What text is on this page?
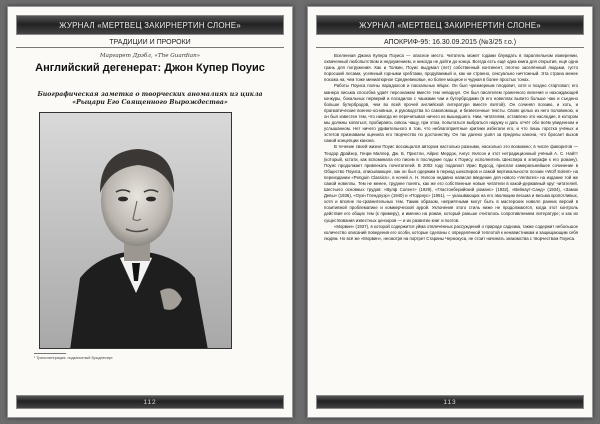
ЖУРНАЛ «МЕРТВЕЦ ЗАКИРНЕРТИН СЛОНЕ»
ТРАДИЦИИ И ПРОРОКИ
Маргарет Дрэбл, «The Guardian»
Английский дегенерат: Джон Купер Поуис
Биографическая заметка о творческих аномалиях из цикла «Рыцари Его Священного Вырождества»
¹ Транслитерация: подкапотный брыдлесирт.
112
ЖУРНАЛ «МЕРТВЕЦ ЗАКИРНЕРТИН СЛОНЕ»
АПОКРИФ-95: 16.30.09.2015 (№3/25 г.о.)

Вселенная Джона Купера Поуиса — опасное место. Читатель может годами блуждать в параллельном измерении, охваченный любопытством и недоумением, и никогда не дойти до конца. Всегда есть ещё одна книга для открытия, ещё одна грань для погружения. Как и Толкин, Поуис выдумал (лет) собственный континент, плотно заселённый людьми, густо поросший лесами, усеянный горными хребтами, продуваемый и, как ни странно, сексуально ничтожный. Эта страна менее похожа на, чем тоже миниатюрное Средневековье, но более мощное и чудная в более простых тонах.

Работы Поуиса полны парадоксов и пасхальных яйцах. Он был чрезмерным плодовит, хотя и поздно стартовал; его манера письма способна удаёт персонажем вместе тем неводнул. Он был писателем граничного величия и нахождающей конкуры, бокальных перверий и посадилок с чашками чаи и бутербродами (в его новеллах выпито больше чаю и съедено больше бутербродов, чем во всей прочей английской литературе вместе взятой). Он сочинял поэзию, и хоть, и прагматические военно-основные, и руководства по самопомощи, и безвесенные тексты. Свояк целых из него половиною, и он был известен тем, что никогда не перечитывал ничего из вышедшего. Ним, читателям, оставлено это наследие, в котором мы должны копаться, пробираясь сквозь чащу, при этом, попытаться выбраться наружу и дать отчёт обо всём увиденном и услышанном. Нет ничего удивительного в том, что неблагоприятные критики избегали его, и что лишь горстка учёных и эстетов признаваем оценила его творчество по достоинству. Он так далеко ушёл за пределы канона, что бросает вызов самой концепции канона.

В течение своей жизни Поуис восхищался автором настолько разными, насколько это возможно; в числе фаворитов — Теодор Драйзер, Генри Миллер, Дж. Б. Пристли, Айрис Мердок, Ангус Уилсон и этот нетрадиционный учёный А. С. Найтт (который, кстати, как вспоминала его писем в последние годы к Поуису, исполнитель Шекспира в эпиграфе к его роману). Поуис продолжает привлекать почитателей. В 2002 году подалиот Ирис Вудсод, прислал камеральнейшее сочинение в Общество Поуиса, описывающее, как он был одержим в период шекспиров и самой вертикальности поэзии «Wolf Solent» на переиздании «Penguin Classics», в ночей А. Н. Уилсон недавно написал введение для нового «Ventures» на издание той же самой новеллы. Тем не менее, труднее понять, как же его собственные новые читатели в какой-державный круг читателей. Шестьего основных трудов: «Вулф Солент» (1929), «Гластонберийский романс» (1932), «Вейнаут-Санд» (1934), «Замок Девы» (1936), «Оуэн Глендоуэр» (1940) и «Порриус» (1951), — указывающих на его эволюцию весьма и весьма кропотливых, хотя и вполне по-сравнительных тем. Таким образом, неприятными могут быть в мастерских новелл ранних версий в позитивной проблематике и коммерческой аурой. Уклонения этого стиль ниже не продолжаются, когда этот контроль действия его общих тем (к примеру), и именно на роман, который раньше считалось сопротивлением литературе; и как их существования известных цензоров — и их развитие книг и поэтов.

«Морвин» (1937), в которой содержится уйма отвлечённых рассуждений о природе садизма, также содержит небольшое количество описаний поведения его особи, которые сделаны с определённой теплотой к ненавистникам и защищающим себя людям. Но всё же «Морвин», несмотря на портрет Старины Чернокуса, не стоит начинать знакомства с творчеством Поуиса.

113
